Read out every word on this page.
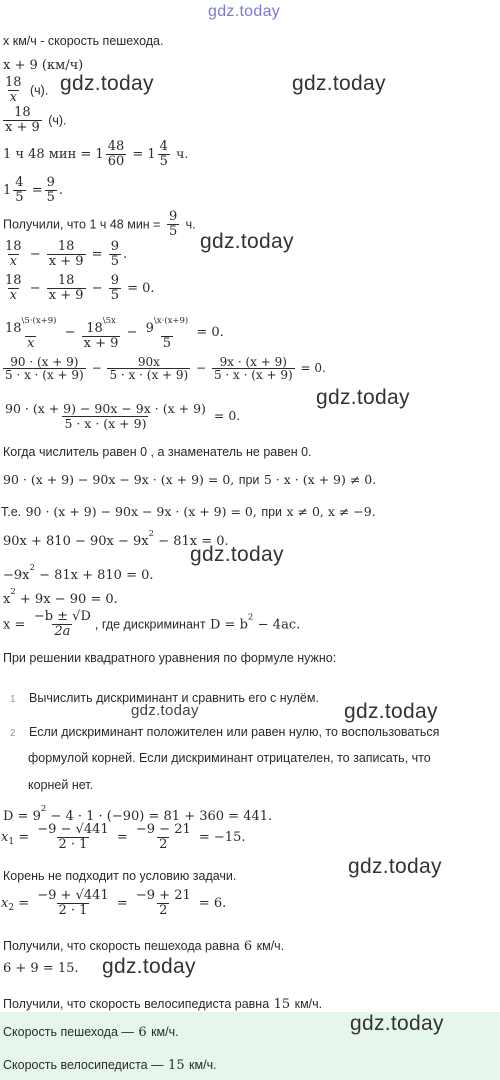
gdz.today
gdz.today	gdz.today
gdz.today
gdz.today
gdz.today
gdz.today	gdz.today
gdz.today
gdz.today
gdz.today
x км/ч - скорость пешехода.
x + 9 (км/ч)
$\frac{18}{x} (ч)$.
$\frac{18}{x + 9} (ч)$.
1 ч 48 мин = $1 \frac{48}{60} = 1 \frac{4}{5} ч$.
$1 \frac{4}{5} = \frac{9}{5}$ .
Получили, что 1 ч 48 мин = $\frac{9}{5} ч$.
$\frac{18}{x} - \frac{18}{x + 9} = \frac{9}{5}$ .
$\frac{18}{x} - \frac{18}{x + 9} - \frac{9}{5} = 0$.
$\frac{18^{\backslash 5\cdot(x+9)}}{x} - \frac{18^{\backslash 5x}}{x + 9} - \frac{9^{\backslash x\cdot(x+9)}}{5} = 0$.
$\frac{90 \cdot (x + 9)}{5 \cdot x \cdot (x + 9)} - \frac{90x}{5 \cdot x \cdot (x + 9)} - \frac{9x \cdot (x + 9)}{5 \cdot x \cdot (x + 9)} = 0$.
$\frac{90 \cdot (x + 9) - 90x - 9x \cdot (x + 9)}{5 \cdot x \cdot (x + 9)} = 0$.
Когда числитель равен 0 , а знаменатель не равен 0.
90 · (x + 9) − 90x − 9x · (x + 9) = 0, при 5 · x · (x + 9) ≠ 0.
Т.е. 90 · (x + 9) − 90x − 9x · (x + 9) = 0, при x ≠ 0, x ≠ −9.
$90x + 810 - 90x - 9x^2 - 81x = 0$.
$-9x^2 - 81x + 810 = 0$.
$x^2 + 9x - 90 = 0$.
$x = \frac{-b \pm √D}{2a}$ , где дискриминант $D = b^2 - 4ac$.
При решении квадратного уравнения по формуле нужно:
1 Вычислить дискриминант и сравнить его с нулём.
2 Если дискриминант положителен или равен нулю, то воспользоваться
формулой корней. Если дискриминант отрицателен, то записать, что
корней нет.
$D = 9^2 - 4 \cdot 1 \cdot (-90) = 81 + 360 = 441$.
$x_1 = \frac{-9 - √441}{2 \cdot 1} = \frac{-9 - 21}{2} = -15$.
Корень не подходит по условию задачи.
$x_2 = \frac{-9 + √441}{2 \cdot 1} = \frac{-9 + 21}{2} = 6$.
Получили, что скорость пешехода равна 6 км/ч.
6 + 9 = 15.
Получили, что скорость велосипедиста равна 15 км/ч.
Скорость пешехода — 6 км/ч.
Скорость велосипедиста — 15 км/ч.
